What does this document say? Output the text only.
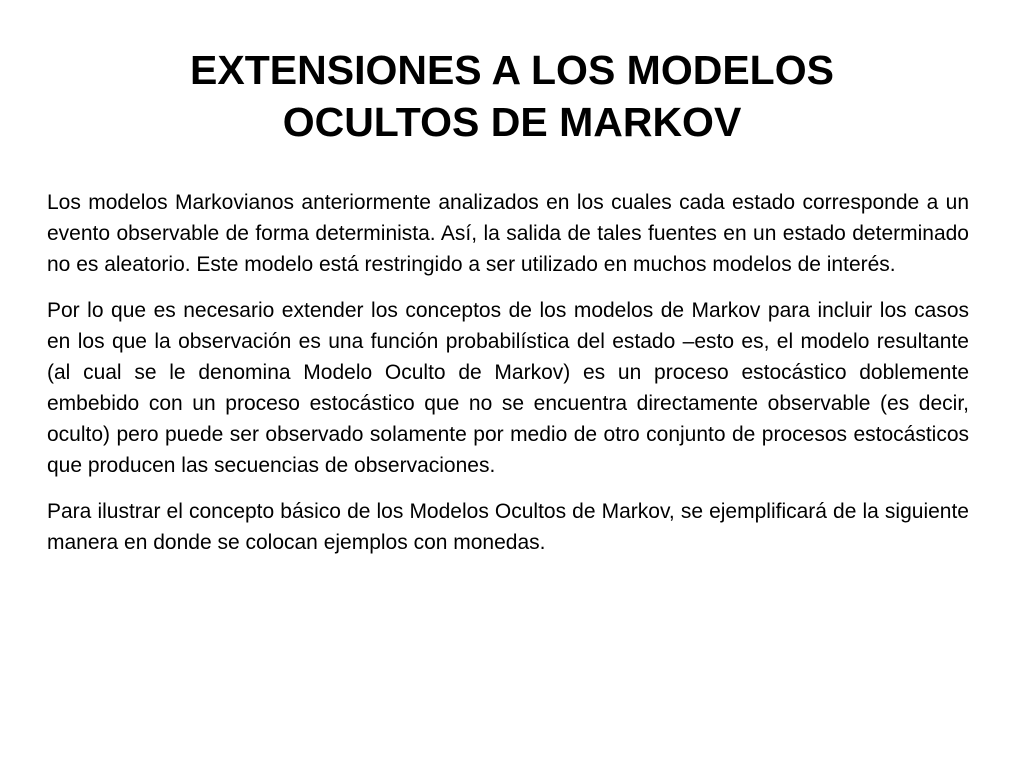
EXTENSIONES A LOS MODELOS
OCULTOS DE MARKOV

Los modelos Markovianos anteriormente analizados en los cuales cada estado corresponde a un evento observable de forma determinista. Así, la salida de tales fuentes en un estado determinado no es aleatorio. Este modelo está restringido a ser utilizado en muchos modelos de interés.

Por lo que es necesario extender los conceptos de los modelos de Markov para incluir los casos en los que la observación es una función probabilística del estado –esto es, el modelo resultante (al cual se le denomina Modelo Oculto de Markov) es un proceso estocástico doblemente embebido con un proceso estocástico que no se encuentra directamente observable (es decir, oculto) pero puede ser observado solamente por medio de otro conjunto de procesos estocásticos que producen las secuencias de observaciones.

Para ilustrar el concepto básico de los Modelos Ocultos de Markov, se ejemplificará de la siguiente manera en donde se colocan ejemplos con monedas.
